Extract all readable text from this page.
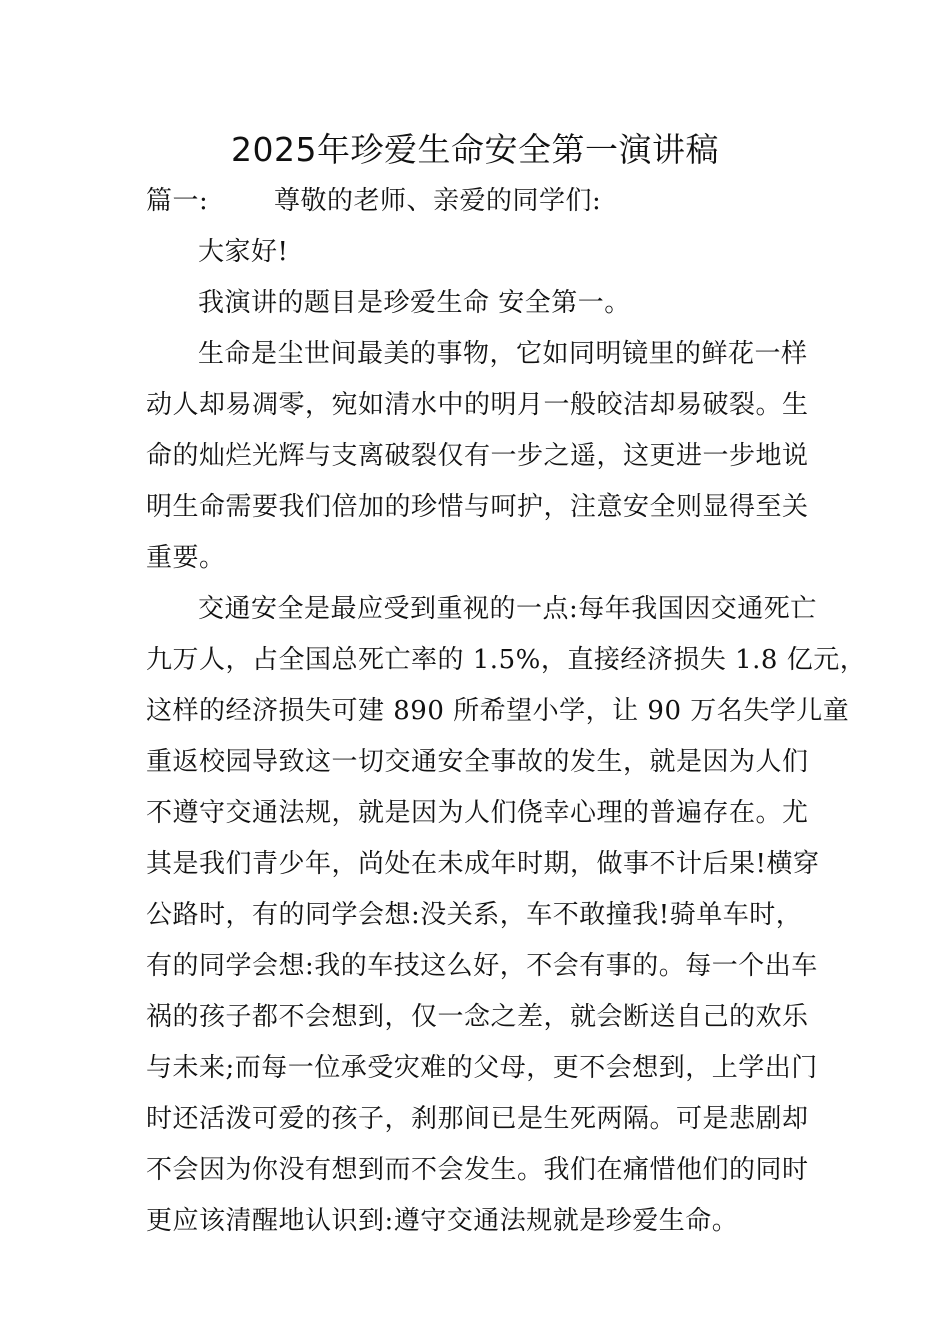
2025年珍爱生命安全第一演讲稿
篇一:	尊敬的老师、亲爱的同学们:
大家好!
我演讲的题目是珍爱生命 安全第一。
生命是尘世间最美的事物，它如同明镜里的鲜花一样
动人却易凋零，宛如清水中的明月一般皎洁却易破裂。生
命的灿烂光辉与支离破裂仅有一步之遥，这更进一步地说
明生命需要我们倍加的珍惜与呵护，注意安全则显得至关
重要。
交通安全是最应受到重视的一点:每年我国因交通死亡
九万人，占全国总死亡率的 1.5%，直接经济损失 1.8 亿元，
这样的经济损失可建 890 所希望小学，让 90 万名失学儿童
重返校园导致这一切交通安全事故的发生，就是因为人们
不遵守交通法规，就是因为人们侥幸心理的普遍存在。尤
其是我们青少年，尚处在未成年时期，做事不计后果!横穿
公路时，有的同学会想:没关系，车不敢撞我!骑单车时，
有的同学会想:我的车技这么好，不会有事的。每一个出车
祸的孩子都不会想到，仅一念之差，就会断送自己的欢乐
与未来;而每一位承受灾难的父母，更不会想到，上学出门
时还活泼可爱的孩子，刹那间已是生死两隔。可是悲剧却
不会因为你没有想到而不会发生。我们在痛惜他们的同时
更应该清醒地认识到:遵守交通法规就是珍爱生命。
